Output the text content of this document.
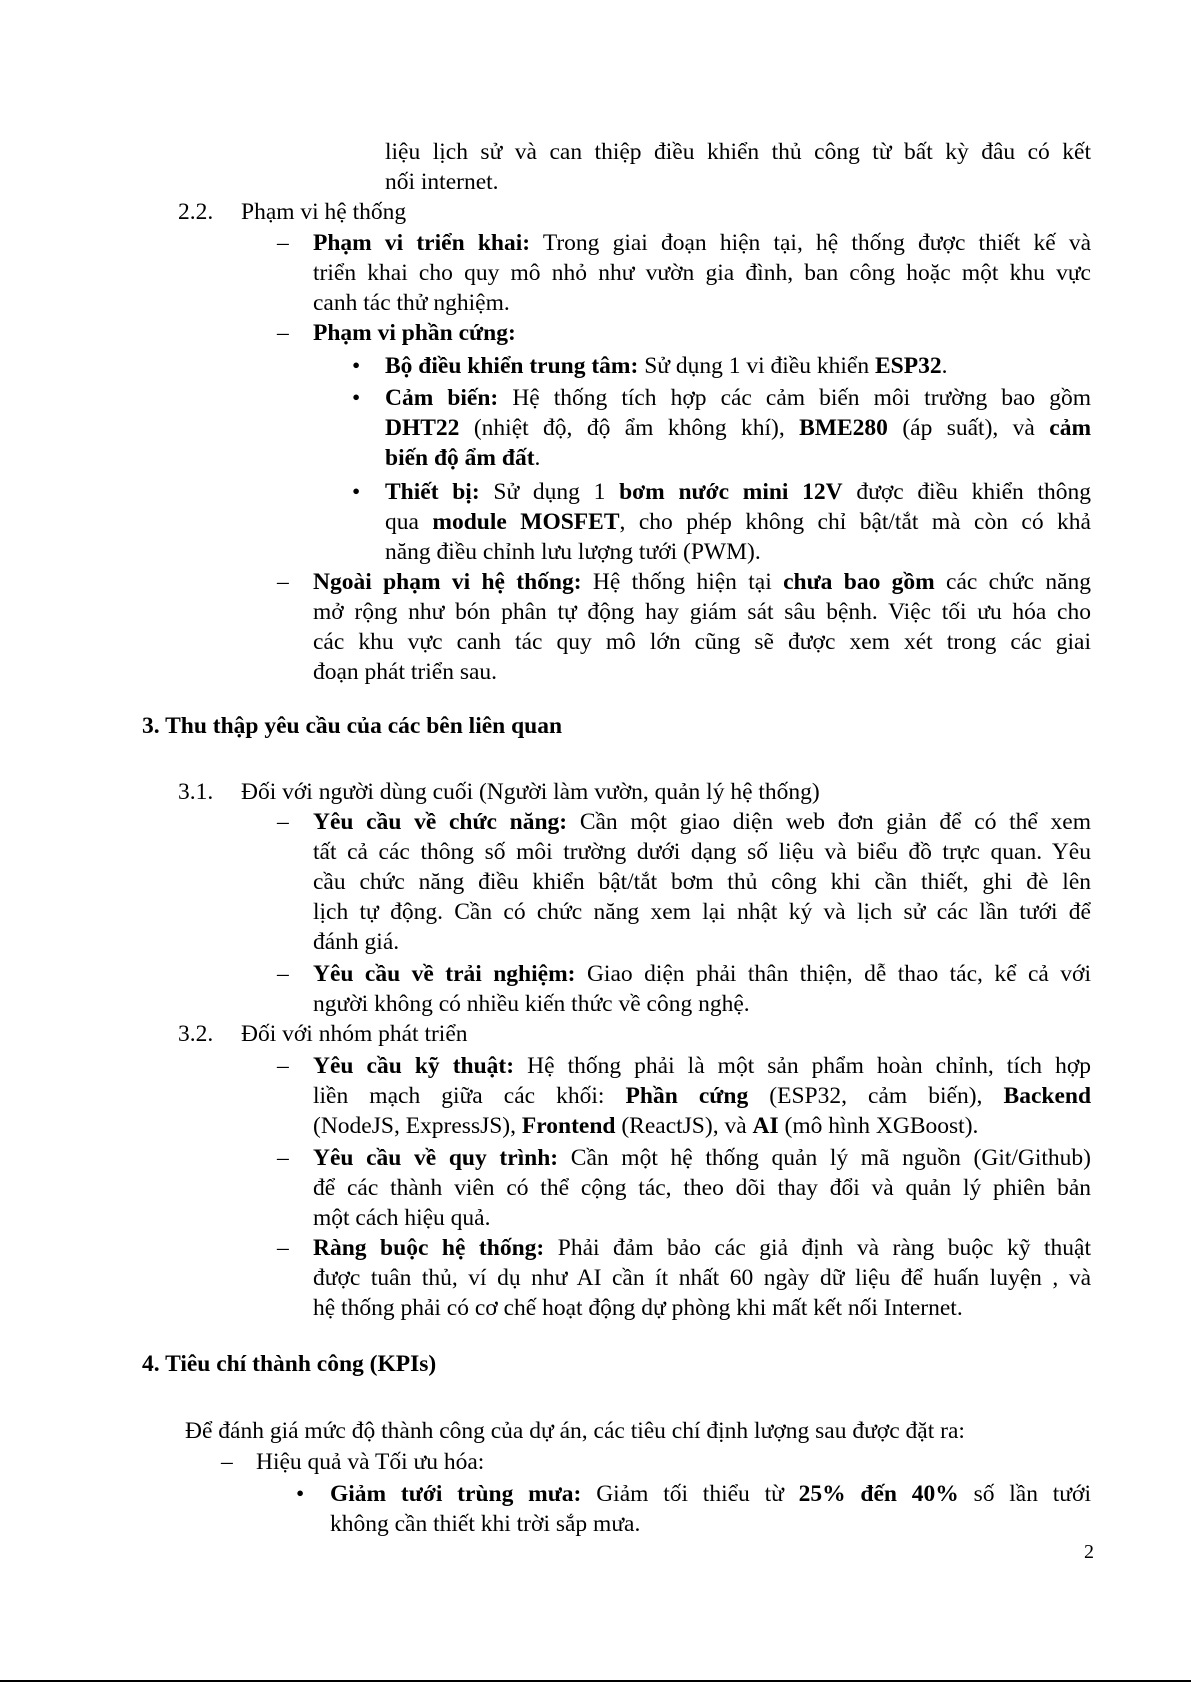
liệu lịch sử và can thiệp điều khiển thủ công từ bất kỳ đâu có kết
nối internet.
2.2. Phạm vi hệ thống
– Phạm vi triển khai: Trong giai đoạn hiện tại, hệ thống được thiết kế và
triển khai cho quy mô nhỏ như vườn gia đình, ban công hoặc một khu vực
canh tác thử nghiệm.
– Phạm vi phần cứng:
• Bộ điều khiển trung tâm: Sử dụng 1 vi điều khiển ESP32.
• Cảm biến: Hệ thống tích hợp các cảm biến môi trường bao gồm
DHT22 (nhiệt độ, độ ẩm không khí), BME280 (áp suất), và cảm
biến độ ẩm đất.
• Thiết bị: Sử dụng 1 bơm nước mini 12V được điều khiển thông
qua module MOSFET, cho phép không chỉ bật/tắt mà còn có khả
năng điều chỉnh lưu lượng tưới (PWM).
– Ngoài phạm vi hệ thống: Hệ thống hiện tại chưa bao gồm các chức năng
mở rộng như bón phân tự động hay giám sát sâu bệnh. Việc tối ưu hóa cho
các khu vực canh tác quy mô lớn cũng sẽ được xem xét trong các giai
đoạn phát triển sau.
3. Thu thập yêu cầu của các bên liên quan
3.1. Đối với người dùng cuối (Người làm vườn, quản lý hệ thống)
– Yêu cầu về chức năng: Cần một giao diện web đơn giản để có thể xem
tất cả các thông số môi trường dưới dạng số liệu và biểu đồ trực quan. Yêu
cầu chức năng điều khiển bật/tắt bơm thủ công khi cần thiết, ghi đè lên
lịch tự động. Cần có chức năng xem lại nhật ký và lịch sử các lần tưới để
đánh giá.
– Yêu cầu về trải nghiệm: Giao diện phải thân thiện, dễ thao tác, kể cả với
người không có nhiều kiến thức về công nghệ.
3.2. Đối với nhóm phát triển
– Yêu cầu kỹ thuật: Hệ thống phải là một sản phẩm hoàn chỉnh, tích hợp
liền mạch giữa các khối: Phần cứng (ESP32, cảm biến), Backend
(NodeJS, ExpressJS), Frontend (ReactJS), và AI (mô hình XGBoost).
– Yêu cầu về quy trình: Cần một hệ thống quản lý mã nguồn (Git/Github)
để các thành viên có thể cộng tác, theo dõi thay đổi và quản lý phiên bản
một cách hiệu quả.
– Ràng buộc hệ thống: Phải đảm bảo các giả định và ràng buộc kỹ thuật
được tuân thủ, ví dụ như AI cần ít nhất 60 ngày dữ liệu để huấn luyện , và
hệ thống phải có cơ chế hoạt động dự phòng khi mất kết nối Internet.
4. Tiêu chí thành công (KPIs)
Để đánh giá mức độ thành công của dự án, các tiêu chí định lượng sau được đặt ra:
– Hiệu quả và Tối ưu hóa:
• Giảm tưới trùng mưa: Giảm tối thiểu từ 25% đến 40% số lần tưới
không cần thiết khi trời sắp mưa.
2
